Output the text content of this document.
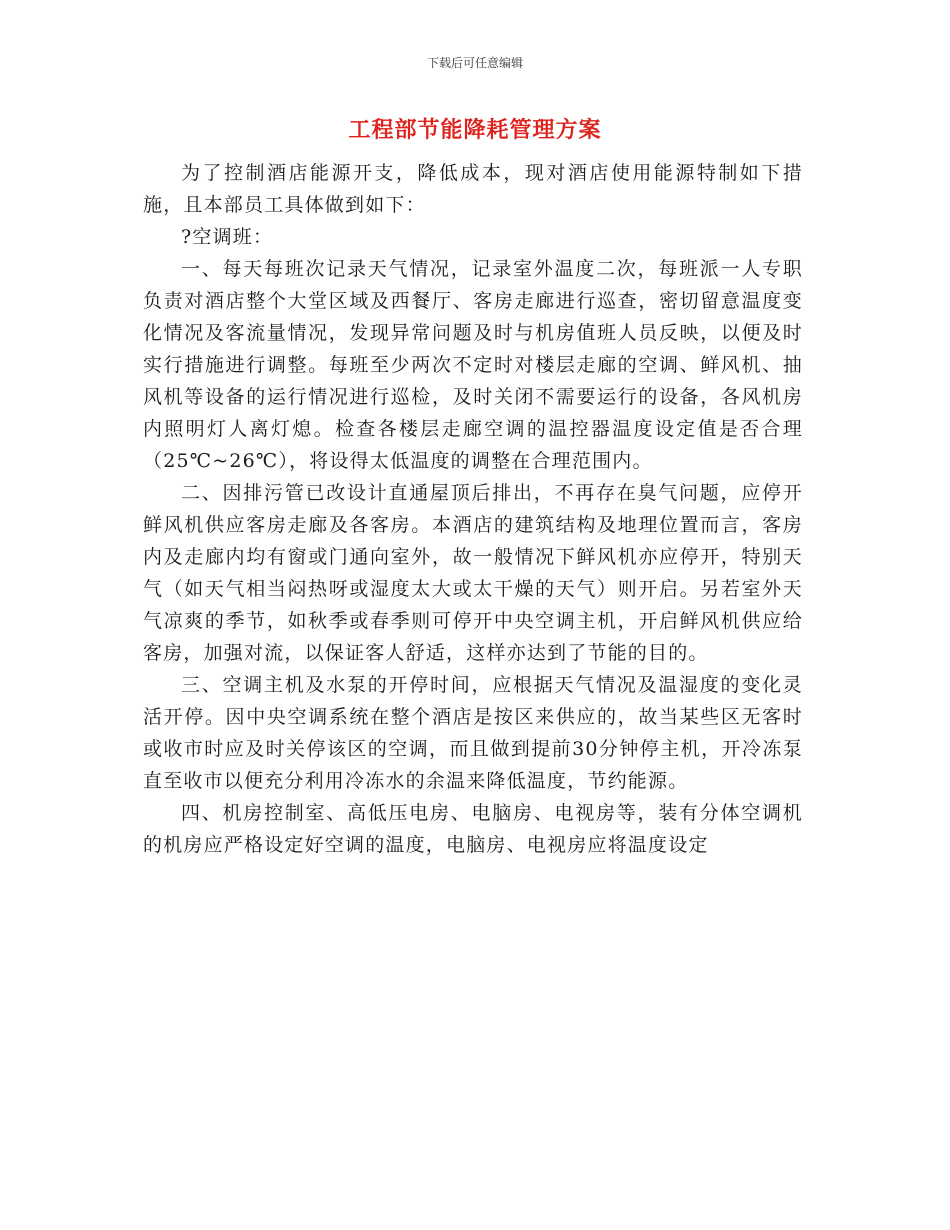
下载后可任意编辑
工程部节能降耗管理方案

为了控制酒店能源开支，降低成本，现对酒店使用能源特制如下措施，且本部员工具体做到如下：

?空调班：

一、每天每班次记录天气情况，记录室外温度二次，每班派一人专职负责对酒店整个大堂区域及西餐厅、客房走廊进行巡查，密切留意温度变化情况及客流量情况，发现异常问题及时与机房值班人员反映，以便及时实行措施进行调整。每班至少两次不定时对楼层走廊的空调、鲜风机、抽风机等设备的运行情况进行巡检，及时关闭不需要运行的设备，各风机房内照明灯人离灯熄。检查各楼层走廊空调的温控器温度设定值是否合理（25℃~26℃），将设得太低温度的调整在合理范围内。

二、因排污管已改设计直通屋顶后排出，不再存在臭气问题，应停开鲜风机供应客房走廊及各客房。本酒店的建筑结构及地理位置而言，客房内及走廊内均有窗或门通向室外，故一般情况下鲜风机亦应停开，特别天气（如天气相当闷热呀或湿度太大或太干燥的天气）则开启。另若室外天气凉爽的季节，如秋季或春季则可停开中央空调主机，开启鲜风机供应给客房，加强对流，以保证客人舒适，这样亦达到了节能的目的。

三、空调主机及水泵的开停时间，应根据天气情况及温湿度的变化灵活开停。因中央空调系统在整个酒店是按区来供应的，故当某些区无客时或收市时应及时关停该区的空调，而且做到提前30分钟停主机，开冷冻泵直至收市以便充分利用冷冻水的余温来降低温度，节约能源。

四、机房控制室、高低压电房、电脑房、电视房等，装有分体空调机的机房应严格设定好空调的温度，电脑房、电视房应将温度设定
